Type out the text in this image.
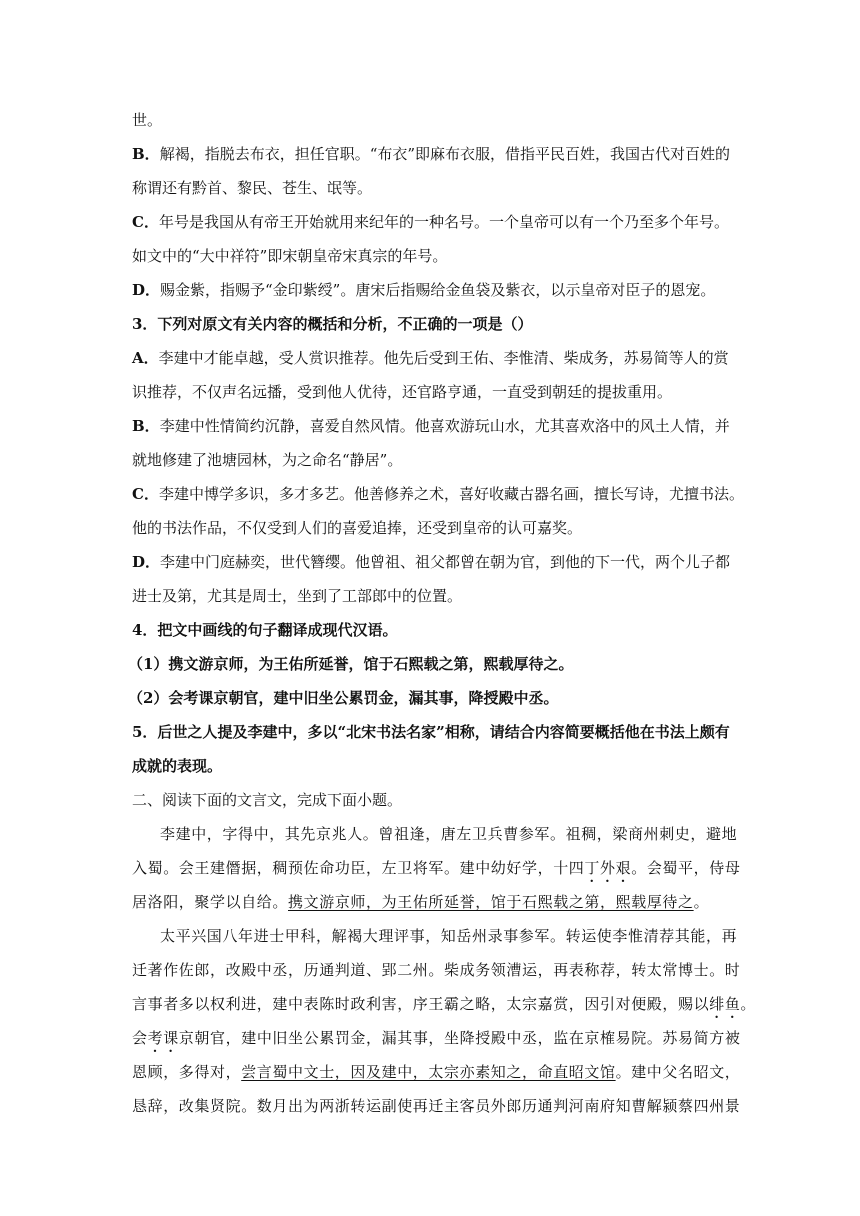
世。
B．解褐，指脱去布衣，担任官职。“布衣”即麻布衣服，借指平民百姓，我国古代对百姓的
称谓还有黔首、黎民、苍生、氓等。
C．年号是我国从有帝王开始就用来纪年的一种名号。一个皇帝可以有一个乃至多个年号。
如文中的“大中祥符”即宋朝皇帝宋真宗的年号。
D．赐金紫，指赐予“金印紫绶”。唐宋后指赐给金鱼袋及紫衣，以示皇帝对臣子的恩宠。
3．下列对原文有关内容的概括和分析，不正确的一项是（）
A．李建中才能卓越，受人赏识推荐。他先后受到王佑、李惟清、柴成务，苏易简等人的赏
识推荐，不仅声名远播，受到他人优待，还官路亨通，一直受到朝廷的提拔重用。
B．李建中性情简约沉静，喜爱自然风情。他喜欢游玩山水，尤其喜欢洛中的风土人情，并
就地修建了池塘园林，为之命名“静居”。
C．李建中博学多识，多才多艺。他善修养之术，喜好收藏古器名画，擅长写诗，尤擅书法。
他的书法作品，不仅受到人们的喜爱追捧，还受到皇帝的认可嘉奖。
D．李建中门庭赫奕，世代簪缨。他曾祖、祖父都曾在朝为官，到他的下一代，两个儿子都
进士及第，尤其是周士，坐到了工部郎中的位置。
4．把文中画线的句子翻译成现代汉语。
（1）携文游京师，为王佑所延誉，馆于石熙载之第，熙载厚待之。
（2）会考课京朝官，建中旧坐公累罚金，漏其事，降授殿中丞。
5．后世之人提及李建中，多以“北宋书法名家”相称，请结合内容简要概括他在书法上颇有
成就的表现。
二、阅读下面的文言文，完成下面小题。
李建中，字得中，其先京兆人。曾祖逢，唐左卫兵曹参军。祖稠，梁商州刺史，避地
入蜀。会王建僭据，稠预佐命功臣，左卫将军。建中幼好学，十四丁外艰。会蜀平，侍母
居洛阳，聚学以自给。携文游京师，为王佑所延誉，馆于石熙载之第，熙载厚待之。
太平兴国八年进士甲科，解褐大理评事，知岳州录事参军。转运使李惟清荐其能，再
迁著作佐郎，改殿中丞，历通判道、郢二州。柴成务领漕运，再表称荐，转太常博士。时
言事者多以权利进，建中表陈时政利害，序王霸之略，太宗嘉赏，因引对便殿，赐以绯鱼。
会考课京朝官，建中旧坐公累罚金，漏其事，坐降授殿中丞，监在京榷易院。苏易简方被
恩顾，多得对，尝言蜀中文士，因及建中，太宗亦素知之，命直昭文馆。建中父名昭文，
恳辞，改集贤院。数月出为两浙转运副使再迁主客员外郎历通判河南府知曹解颍蔡四州景
